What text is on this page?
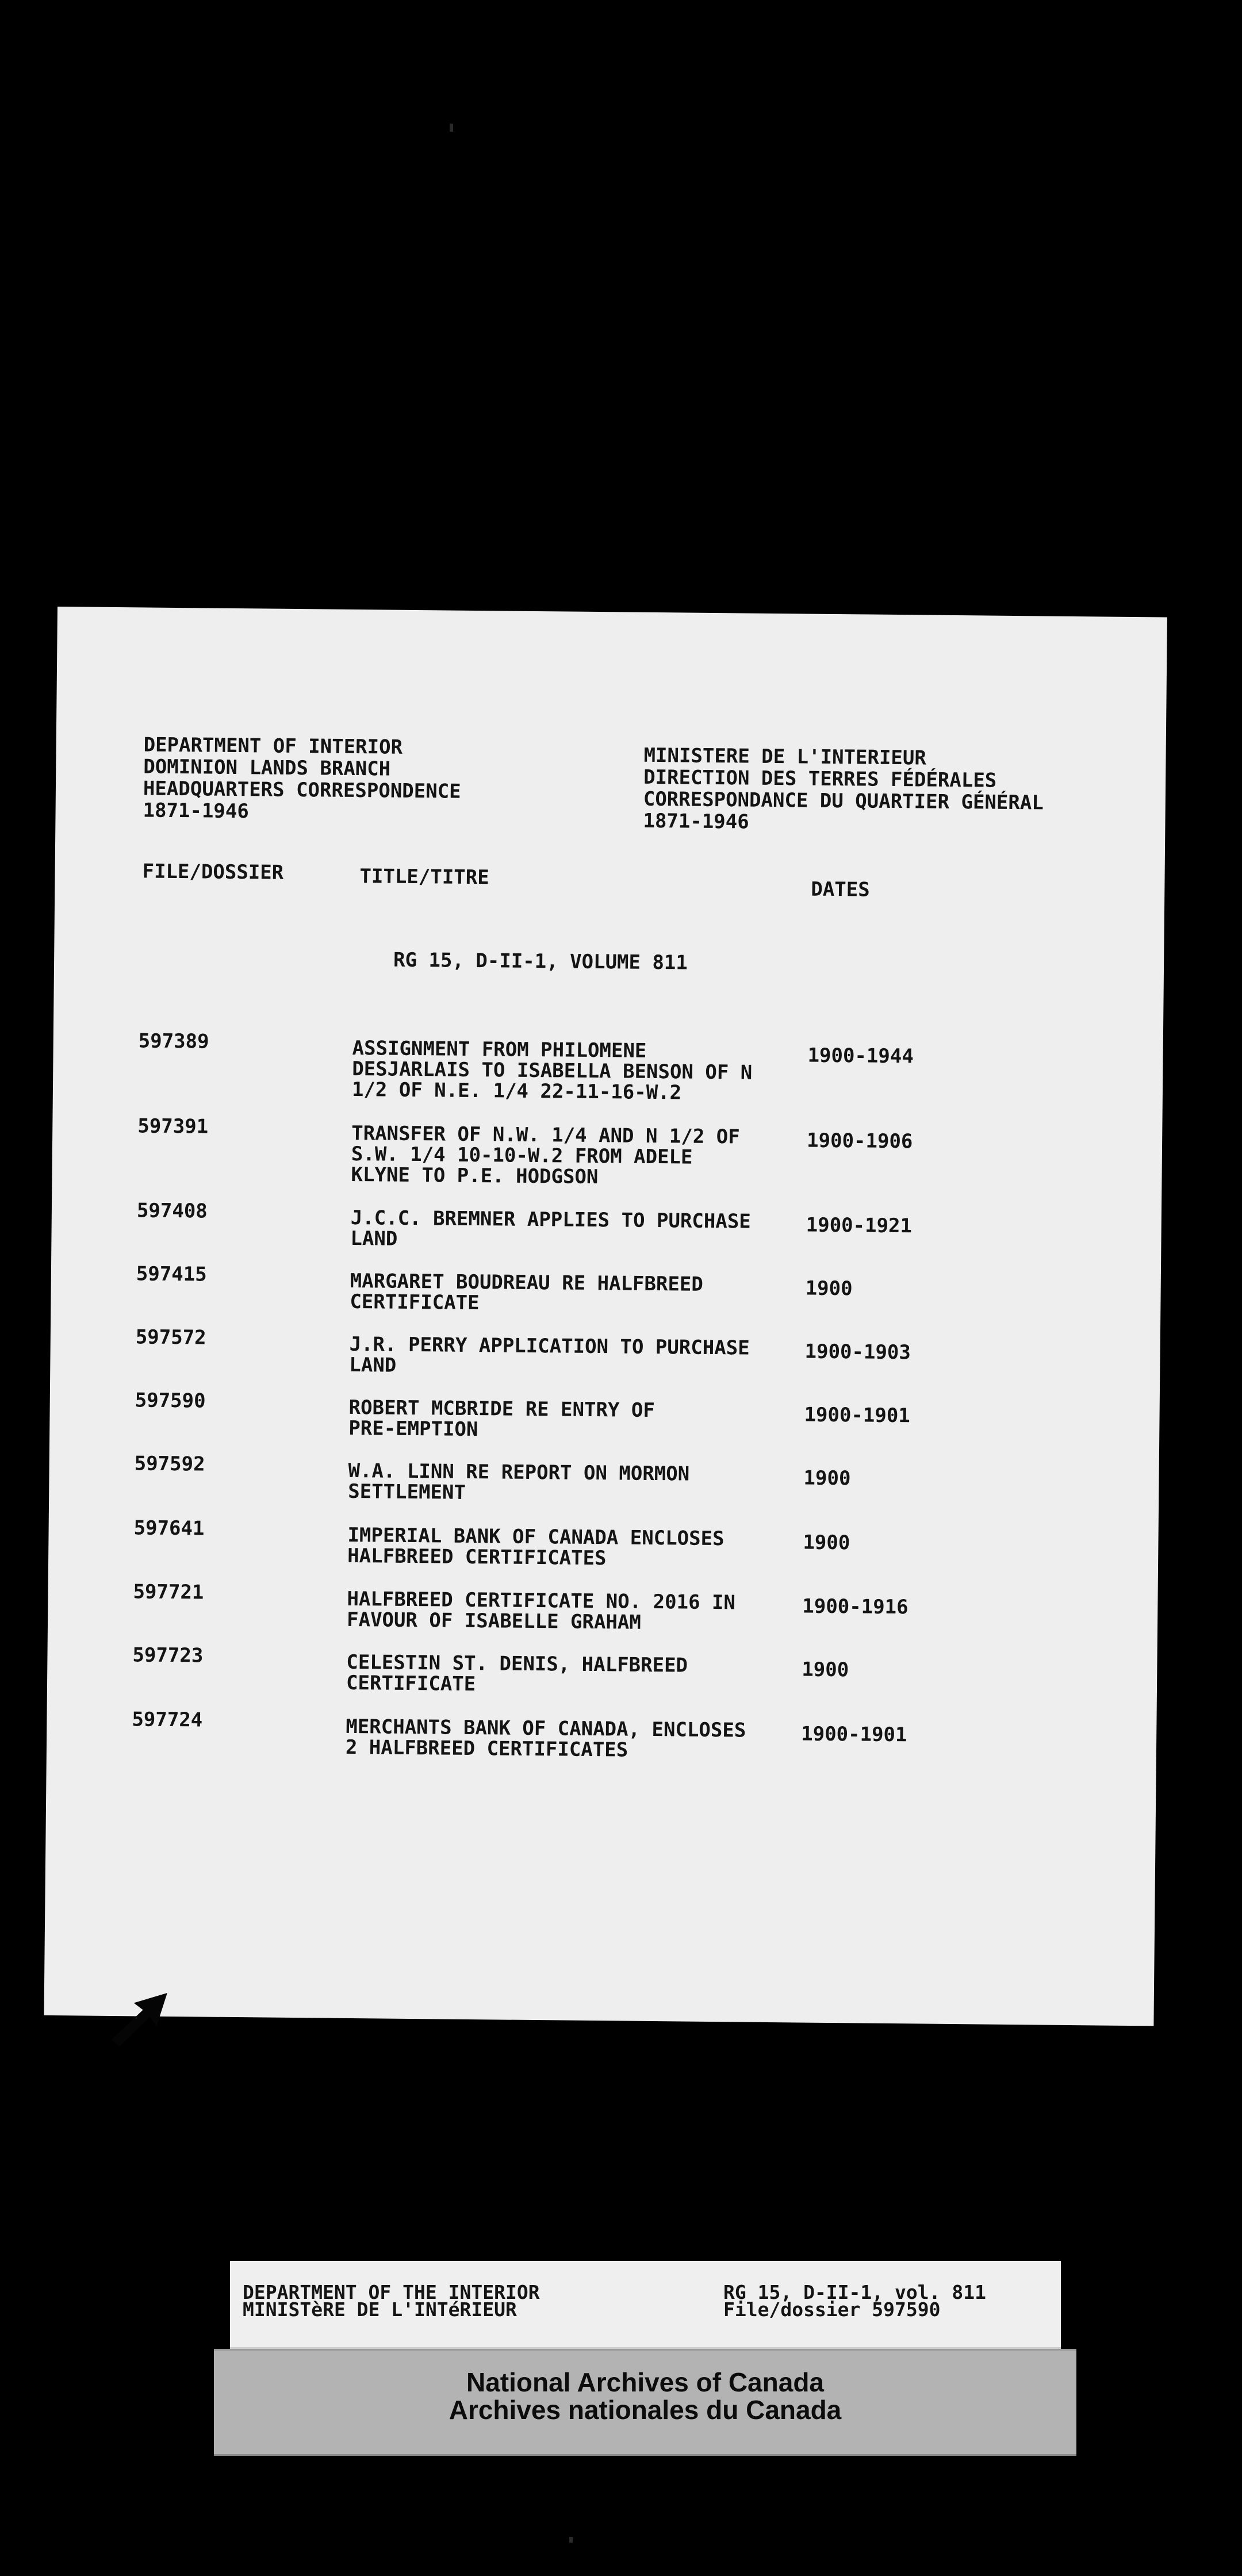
DEPARTMENT OF INTERIOR
DOMINION LANDS BRANCH
HEADQUARTERS CORRESPONDENCE
1871-1946
MINISTERE DE L'INTERIEUR
DIRECTION DES TERRES FÉDÉRALES
CORRESPONDANCE DU QUARTIER GÉNÉRAL
1871-1946
FILE/DOSSIER	TITLE/TITRE
DATES
RG 15, D-II-1, VOLUME 811
597389	ASSIGNMENT FROM PHILOMENE
DESJARLAIS TO ISABELLA BENSON OF N
1/2 OF N.E. 1/4 22-11-16-W.2
1900-1944
597391	TRANSFER OF N.W. 1/4 AND N 1/2 OF
S.W. 1/4 10-10-W.2 FROM ADELE
KLYNE TO P.E. HODGSON
1900-1906
597408	J.C.C. BREMNER APPLIES TO PURCHASE
LAND
1900-1921
597415	MARGARET BOUDREAU RE HALFBREED
CERTIFICATE
1900
597572	J.R. PERRY APPLICATION TO PURCHASE
LAND
1900-1903
597590	ROBERT MCBRIDE RE ENTRY OF
PRE-EMPTION
1900-1901
597592	W.A. LINN RE REPORT ON MORMON
SETTLEMENT
1900
597641	IMPERIAL BANK OF CANADA ENCLOSES
HALFBREED CERTIFICATES
1900
597721	HALFBREED CERTIFICATE NO. 2016 IN
FAVOUR OF ISABELLE GRAHAM
1900-1916
597723	CELESTIN ST. DENIS, HALFBREED
CERTIFICATE
1900
597724	MERCHANTS BANK OF CANADA, ENCLOSES
2 HALFBREED CERTIFICATES
1900-1901
DEPARTMENT OF THE INTERIOR
MINISTèRE DE L'INTéRIEUR
RG 15, D-II-1, vol. 811
File/dossier 597590
National Archives of Canada
Archives nationales du Canada
